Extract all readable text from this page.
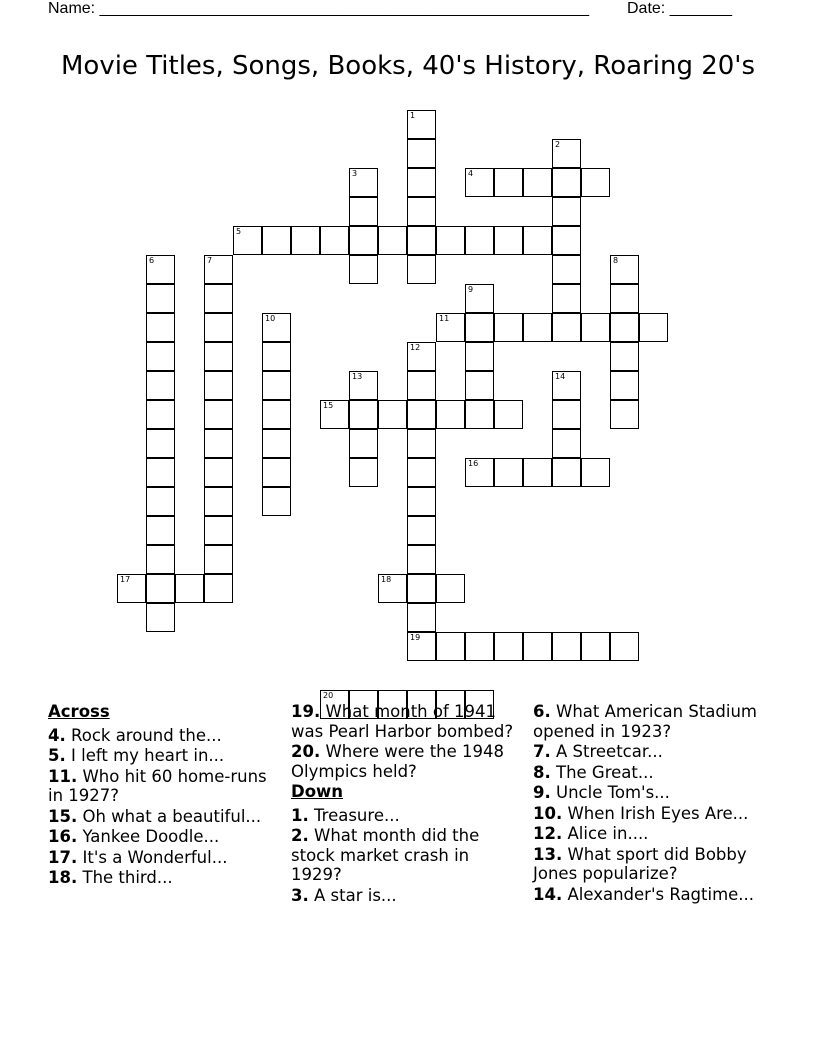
Name: _______________________________________________________ Date: _______
Movie Titles, Songs, Books, 40's History, Roaring 20's
1
2
3	4
5
6	7	8
9
10	11
12
13	14
15
16
17	18
19
20
Across
4. Rock around the...
5. I left my heart in...
11. Who hit 60 home-runs in 1927?
15. Oh what a beautiful...
16. Yankee Doodle...
17. It's a Wonderful...
18. The third...
19. What month of 1941 was Pearl Harbor bombed?
20. Where were the 1948 Olympics held?
Down
1. Treasure...
2. What month did the stock market crash in 1929?
3. A star is...
6. What American Stadium opened in 1923?
7. A Streetcar...
8. The Great...
9. Uncle Tom's...
10. When Irish Eyes Are...
12. Alice in....
13. What sport did Bobby Jones popularize?
14. Alexander's Ragtime...
